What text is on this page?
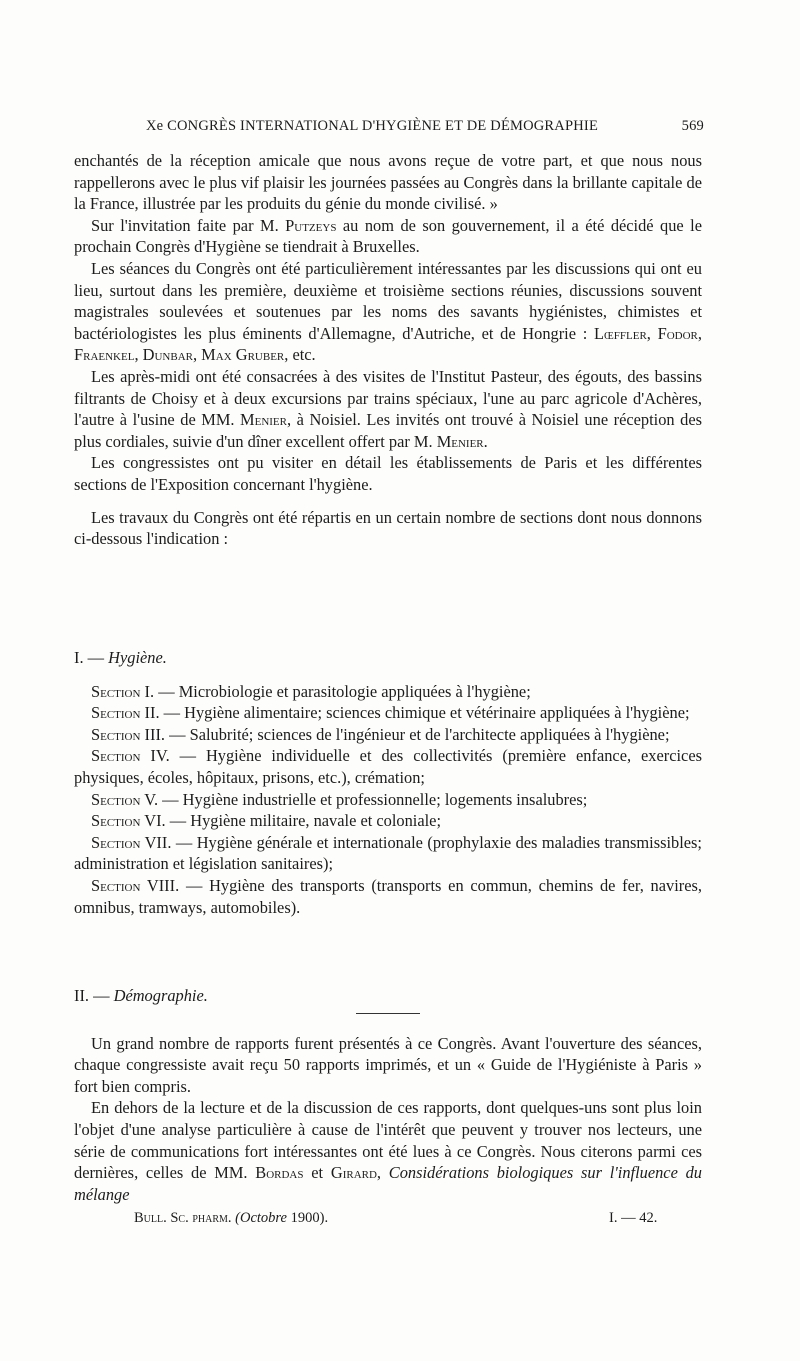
Xe CONGRÈS INTERNATIONAL D'HYGIÈNE ET DE DÉMOGRAPHIE	569

enchantés de la réception amicale que nous avons reçue de votre part, et que nous nous rappellerons avec le plus vif plaisir les journées passées au Congrès dans la brillante capitale de la France, illustrée par les produits du génie du monde civilisé. »

Sur l'invitation faite par M. Putzeys au nom de son gouvernement, il a été décidé que le prochain Congrès d'Hygiène se tiendrait à Bruxelles.

Les séances du Congrès ont été particulièrement intéressantes par les discussions qui ont eu lieu, surtout dans les première, deuxième et troisième sections réunies, discussions souvent magistrales soulevées et soutenues par les noms des savants hygiénistes, chimistes et bactériologistes les plus éminents d'Allemagne, d'Autriche, et de Hongrie : Lœffler, Fodor, Fraenkel, Dunbar, Max Gruber, etc.

Les après-midi ont été consacrées à des visites de l'Institut Pasteur, des égouts, des bassins filtrants de Choisy et à deux excursions par trains spéciaux, l'une au parc agricole d'Achères, l'autre à l'usine de MM. Menier, à Noisiel. Les invités ont trouvé à Noisiel une réception des plus cordiales, suivie d'un dîner excellent offert par M. Menier.

Les congressistes ont pu visiter en détail les établissements de Paris et les différentes sections de l'Exposition concernant l'hygiène.

Les travaux du Congrès ont été répartis en un certain nombre de sections dont nous donnons ci-dessous l'indication :

I. — Hygiène.

Section I. — Microbiologie et parasitologie appliquées à l'hygiène;

Section II. — Hygiène alimentaire; sciences chimique et vétérinaire appliquées à l'hygiène;

Section III. — Salubrité; sciences de l'ingénieur et de l'architecte appliquées à l'hygiène;

Section IV. — Hygiène individuelle et des collectivités (première enfance, exercices physiques, écoles, hôpitaux, prisons, etc.), crémation;

Section V. — Hygiène industrielle et professionnelle; logements insalubres;

Section VI. — Hygiène militaire, navale et coloniale;

Section VII. — Hygiène générale et internationale (prophylaxie des maladies transmissibles; administration et législation sanitaires);

Section VIII. — Hygiène des transports (transports en commun, chemins de fer, navires, omnibus, tramways, automobiles).

II. — Démographie.

Un grand nombre de rapports furent présentés à ce Congrès. Avant l'ouverture des séances, chaque congressiste avait reçu 50 rapports imprimés, et un « Guide de l'Hygiéniste à Paris » fort bien compris.

En dehors de la lecture et de la discussion de ces rapports, dont quelques-uns sont plus loin l'objet d'une analyse particulière à cause de l'intérêt que peuvent y trouver nos lecteurs, une série de communications fort intéressantes ont été lues à ce Congrès. Nous citerons parmi ces dernières, celles de MM. Bordas et Girard, Considérations biologiques sur l'influence du mélange

Bull. Sc. pharm. (Octobre 1900).	I. — 42.
